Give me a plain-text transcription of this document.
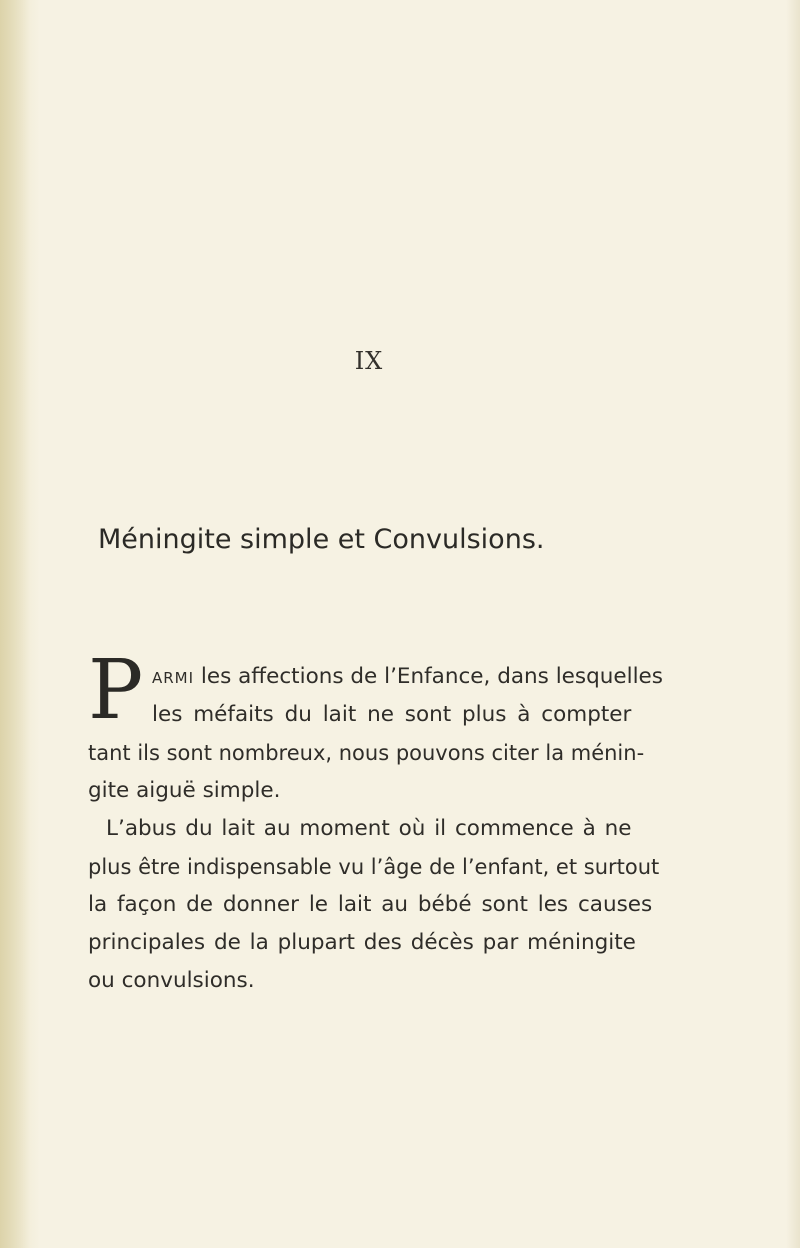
IX
Méningite simple et Convulsions.
P ARMI les affections de l’Enfance, dans lesquelles
les méfaits du lait ne sont plus à compter
tant ils sont nombreux, nous pouvons citer la ménin-
gite aiguë simple.
L’abus du lait au moment où il commence à ne
plus être indispensable vu l’âge de l’enfant, et surtout
la façon de donner le lait au bébé sont les causes
principales de la plupart des décès par méningite
ou convulsions.
